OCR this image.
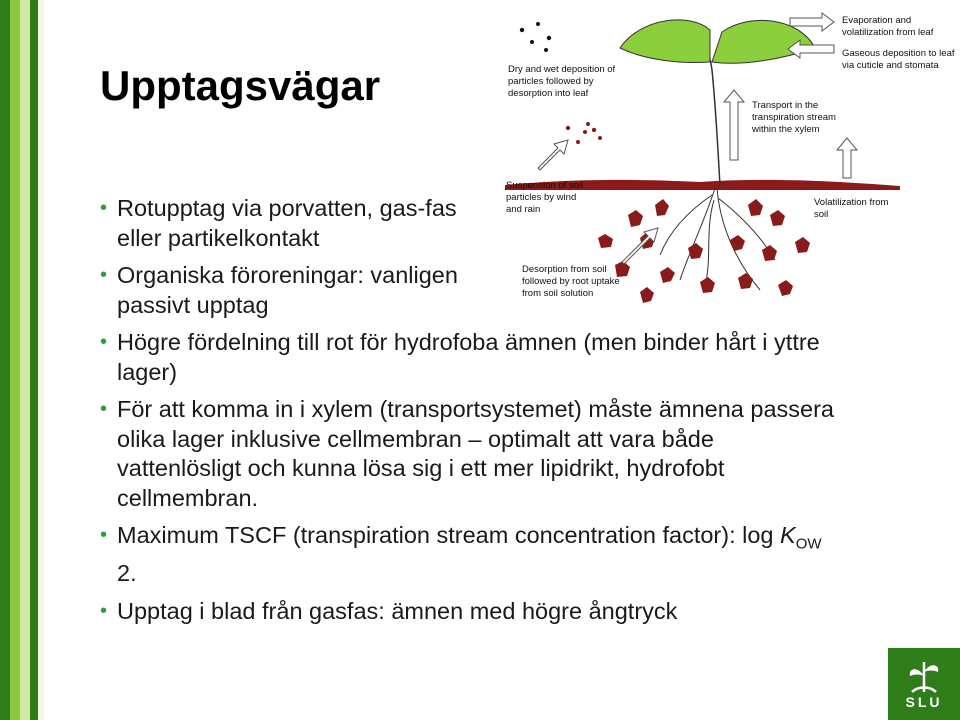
SLU
Upptagsvägar
Evaporation and volatilization from leaf
Gaseous deposition to leaf via cuticle and stomata
Dry and wet deposition of particles followed by desorption into leaf
Transport in the transpiration stream within the xylem
Suspension of soil particles by wind and rain
Volatilization from soil
Desorption from soil followed by root uptake from soil solution
• Rotupptag via porvatten, gas-fas eller partikelkontakt
• Organiska föroreningar: vanligen passivt upptag
• Högre fördelning till rot för hydrofoba ämnen (men binder hårt i yttre lager)
• För att komma in i xylem (transportsystemet) måste ämnena passera olika lager inklusive cellmembran – optimalt att vara både vattenlösligt och kunna lösa sig i ett mer lipidrikt, hydrofobt cellmembran.
• Maximum TSCF (transpiration stream concentration factor): $\log K_{OW}$ 2.
• Upptag i blad från gasfas: ämnen med högre ångtryck
